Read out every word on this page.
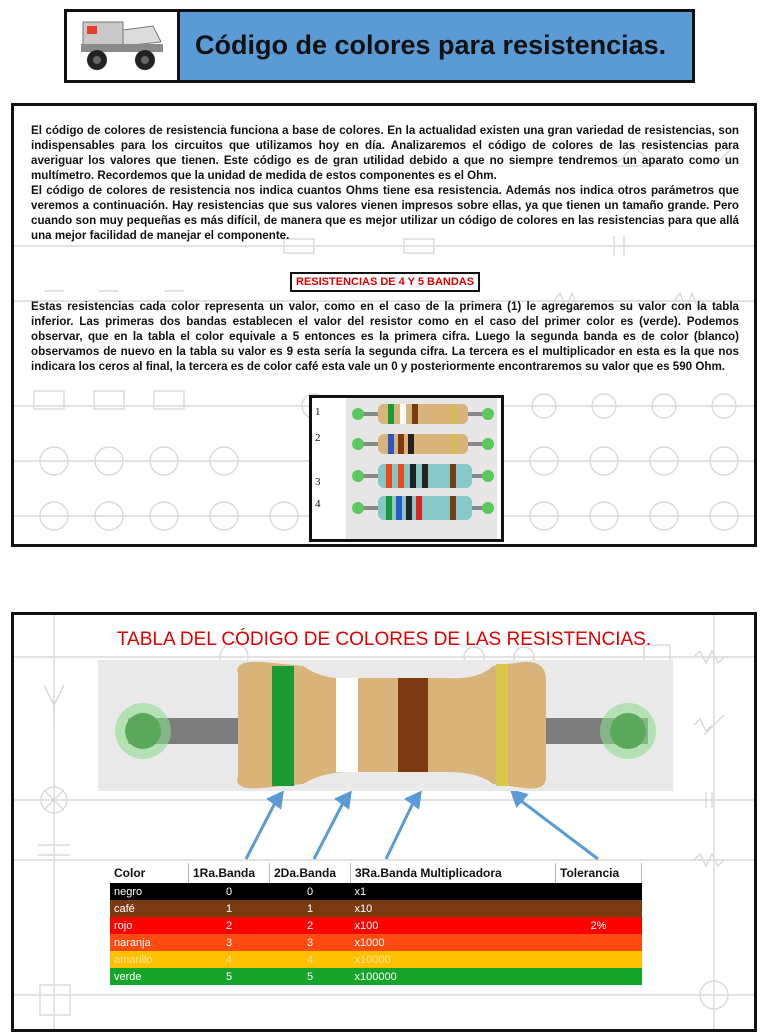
Código de colores para resistencias.

El código de colores de resistencia funciona a base de colores. En la actualidad existen una gran variedad de resistencias, son indispensables para los circuitos que utilizamos hoy en día. Analizaremos el código de colores de las resistencias para averiguar los valores que tienen. Este código es de gran utilidad debido a que no siempre tendremos un aparato como un multímetro. Recordemos que la unidad de medida de estos componentes es el Ohm.

El código de colores de resistencia nos indica cuantos Ohms tiene esa resistencia. Además nos indica otros parámetros que veremos a continuación. Hay resistencias que sus valores vienen impresos sobre ellas, ya que tienen un tamaño grande. Pero cuando son muy pequeñas es más difícil, de manera que es mejor utilizar un código de colores en las resistencias para que allá una mejor facilidad de manejar el componente.

RESISTENCIAS DE 4 Y 5 BANDAS
Estas resistencias cada color representa un valor, como en el caso de la primera (1) le agregaremos su valor con la tabla inferior. Las primeras dos bandas establecen el valor del resistor como en el caso del primer color es (verde). Podemos observar, que en la tabla el color equivale a 5 entonces es la primera cifra. Luego la segunda banda es de color (blanco) observamos de nuevo en la tabla su valor es 9 esta sería la segunda cifra. La tercera es el multiplicador en esta es la que nos indicara los ceros al final, la tercera es de color café esta vale un 0 y posteriormente encontraremos su valor que es 590 Ohm.
1
2
3
4
TABLA DEL CÓDIGO DE COLORES DE LAS RESISTENCIAS.
Color	1Ra.Banda	2Da.Banda	3Ra.Banda Multiplicadora	Tolerancia
negro	0	0	x1	
café	1	1	x10	
rojo	2	2	x100	2%
naranja	3	3	x1000	
amarillo	4	4	x10000	
verde	5	5	x100000	
